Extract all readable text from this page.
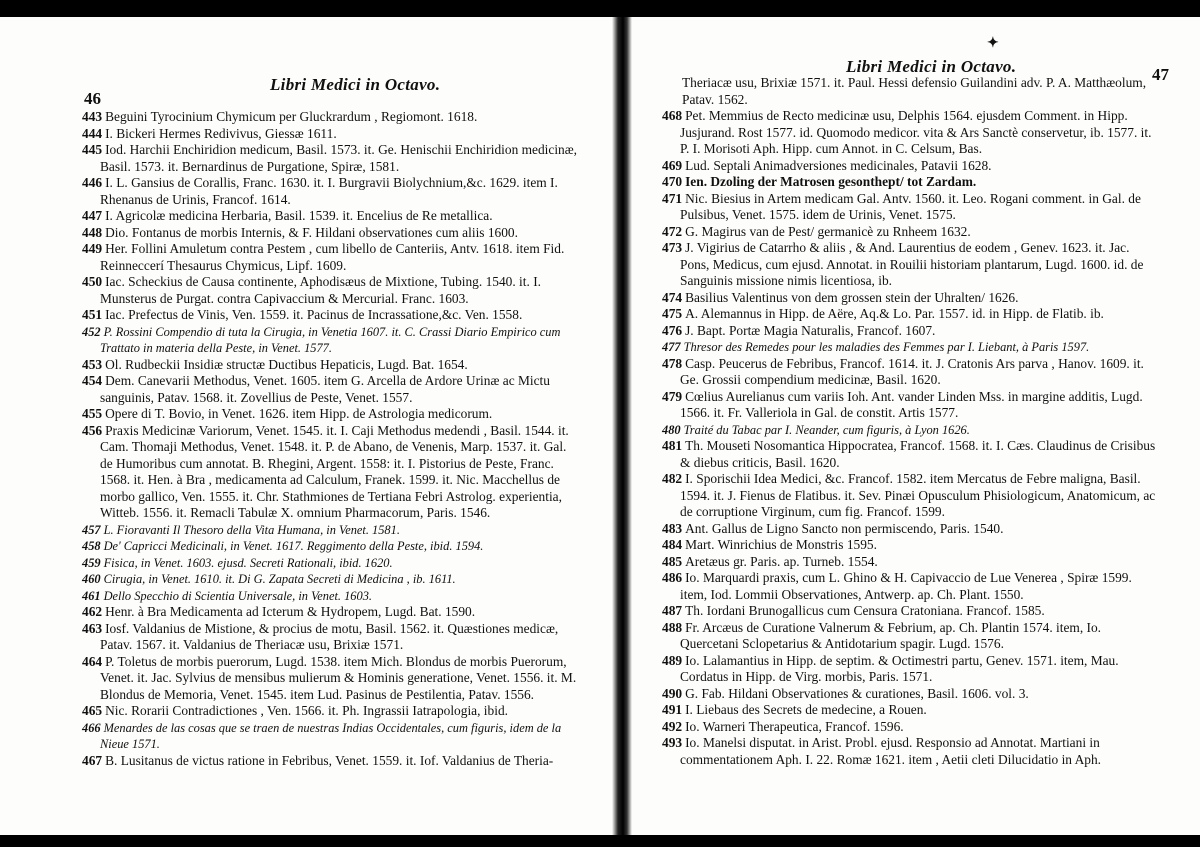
Libri Medici in Octavo.
46
443 Beguini Tyrocinium Chymicum per Gluckrardum , Regiomont. 1618.
444 I. Bickeri Hermes Redivivus, Giessæ 1611.
445 Iod. Harchii Enchiridion medicum, Basil. 1573. it. Ge. Henischii Enchiridion medicinæ, Basil. 1573. it. Bernardinus de Purgatione, Spiræ, 1581.
446 I. L. Gansius de Corallis, Franc. 1630. it. I. Burgravii Biolychnium,&c. 1629. item I. Rhenanus de Urinis, Francof. 1614.
447 I. Agricolæ medicina Herbaria, Basil. 1539. it. Encelius de Re metallica.
448 Dio. Fontanus de morbis Internis, & F. Hildani observationes cum aliis 1600.
449 Her. Follini Amuletum contra Pestem , cum libello de Canteriis, Antv. 1618. item Fid. Reinneccerí Thesaurus Chymicus, Lipf. 1609.
450 Iac. Scheckius de Causa continente, Aphodisæus de Mixtione, Tubing. 1540. it. I. Munsterus de Purgat. contra Capivaccium & Mercurial. Franc. 1603.
451 Iac. Prefectus de Vinis, Ven. 1559. it. Pacinus de Incrassatione,&c. Ven. 1558.
452 P. Rossini Compendio di tuta la Cirugia, in Venetia 1607. it. C. Crassi Diario Empirico cum Trattato in materia della Peste, in Venet. 1577.
453 Ol. Rudbeckii Insidiæ structæ Ductibus Hepaticis, Lugd. Bat. 1654.
454 Dem. Canevarii Methodus, Venet. 1605. item G. Arcella de Ardore Urinæ ac Mictu sanguinis, Patav. 1568. it. Zovellius de Peste, Venet. 1557.
455 Opere di T. Bovio, in Venet. 1626. item Hipp. de Astrologia medicorum.
456 Praxis Medicinæ Variorum, Venet. 1545. it. I. Caji Methodus medendi , Basil. 1544. it. Cam. Thomaji Methodus, Venet. 1548. it. P. de Abano, de Venenis, Marp. 1537. it. Gal. de Humoribus cum annotat. B. Rhegini, Argent. 1558: it. I. Pistorius de Peste, Franc. 1568. it. Hen. à Bra , medicamenta ad Calculum, Franek. 1599. it. Nic. Macchellus de morbo gallico, Ven. 1555. it. Chr. Stathmiones de Tertiana Febri Astrolog. experientia, Witteb. 1556. it. Remacli Tabulæ X. omnium Pharmacorum, Paris. 1546.
457 L. Fioravanti Il Thesoro della Vita Humana, in Venet. 1581.
458 De' Capricci Medicinali, in Venet. 1617. Reggimento della Peste, ibid. 1594.
459 Fisica, in Venet. 1603. ejusd. Secreti Rationali, ibid. 1620.
460 Cirugia, in Venet. 1610. it. Di G. Zapata Secreti di Medicina , ib. 1611.
461 Dello Specchio di Scientia Universale, in Venet. 1603.
462 Henr. à Bra Medicamenta ad Icterum & Hydropem, Lugd. Bat. 1590.
463 Iosf. Valdanius de Mistione, & procius de motu, Basil. 1562. it. Quæstiones medicæ, Patav. 1567. it. Valdanius de Theriacæ usu, Brixiæ 1571.
464 P. Toletus de morbis puerorum, Lugd. 1538. item Mich. Blondus de morbis Puerorum, Venet. it. Jac. Sylvius de mensibus mulierum & Hominis generatione, Venet. 1556. it. M. Blondus de Memoria, Venet. 1545. item Lud. Pasinus de Pestilentia, Patav. 1556.
465 Nic. Rorarii Contradictiones , Ven. 1566. it. Ph. Ingrassii Iatrapologia, ibid.
466 Menardes de las cosas que se traen de nuestras Indias Occidentales, cum figuris, idem de la Nieue 1571.
467 B. Lusitanus de victus ratione in Febribus, Venet. 1559. it. Iof. Valdanius de Theria-
✦
Libri Medici in Octavo.	47
Theriacæ usu, Brixiæ 1571. it. Paul. Hessi defensio Guilandini adv. P. A. Matthæolum, Patav. 1562.
468 Pet. Memmius de Recto medicinæ usu, Delphis 1564. ejusdem Comment. in Hipp. Jusjurand. Rost 1577. id. Quomodo medicor. vita & Ars Sanctè conservetur, ib. 1577. it. P. I. Morisoti Aph. Hipp. cum Annot. in C. Celsum, Bas.
469 Lud. Septali Animadversiones medicinales, Patavii 1628.
470 Ien. Dzoling der Matrosen gesonthept/ tot Zardam.
471 Nic. Biesius in Artem medicam Gal. Antv. 1560. it. Leo. Rogani comment. in Gal. de Pulsibus, Venet. 1575. idem de Urinis, Venet. 1575.
472 G. Magirus van de Pest/ germanicè zu Rnheem 1632.
473 J. Vigirius de Catarrho & aliis , & And. Laurentius de eodem , Genev. 1623. it. Jac. Pons, Medicus, cum ejusd. Annotat. in Rouilii historiam plantarum, Lugd. 1600. id. de Sanguinis missione nimis licentiosa, ib.
474 Basilius Valentinus von dem grossen stein der Uhralten/ 1626.
475 A. Alemannus in Hipp. de Aëre, Aq.& Lo. Par. 1557. id. in Hipp. de Flatib. ib.
476 J. Bapt. Portæ Magia Naturalis, Francof. 1607.
477 Thresor des Remedes pour les maladies des Femmes par I. Liebant, à Paris 1597.
478 Casp. Peucerus de Febribus, Francof. 1614. it. J. Cratonis Ars parva , Hanov. 1609. it. Ge. Grossii compendium medicinæ, Basil. 1620.
479 Cœlius Aurelianus cum variis Ioh. Ant. vander Linden Mss. in margine additis, Lugd. 1566. it. Fr. Valleriola in Gal. de constit. Artis 1577.
480 Traité du Tabac par I. Neander, cum figuris, à Lyon 1626.
481 Th. Mouseti Nosomantica Hippocratea, Francof. 1568. it. I. Cæs. Claudinus de Crisibus & diebus criticis, Basil. 1620.
482 I. Sporischii Idea Medici, &c. Francof. 1582. item Mercatus de Febre maligna, Basil. 1594. it. J. Fienus de Flatibus. it. Sev. Pinæi Opusculum Phisiologicum, Anatomicum, ac de corruptione Virginum, cum fig. Francof. 1599.
483 Ant. Gallus de Ligno Sancto non permiscendo, Paris. 1540.
484 Mart. Winrichius de Monstris 1595.
485 Aretæus gr. Paris. ap. Turneb. 1554.
486 Io. Marquardi praxis, cum L. Ghino & H. Capivaccio de Lue Venerea , Spiræ 1599. item, Iod. Lommii Observationes, Antwerp. ap. Ch. Plant. 1550.
487 Th. Iordani Brunogallicus cum Censura Cratoniana. Francof. 1585.
488 Fr. Arcæus de Curatione Valnerum & Febrium, ap. Ch. Plantin 1574. item, Io. Quercetani Sclopetarius & Antidotarium spagir. Lugd. 1576.
489 Io. Lalamantius in Hipp. de septim. & Octimestri partu, Genev. 1571. item, Mau. Cordatus in Hipp. de Virg. morbis, Paris. 1571.
490 G. Fab. Hildani Observationes & curationes, Basil. 1606. vol. 3.
491 I. Liebaus des Secrets de medecine, a Rouen.
492 Io. Warneri Therapeutica, Francof. 1596.
493 Io. Manelsi disputat. in Arist. Probl. ejusd. Responsio ad Annotat. Martiani in commentationem Aph. I. 22. Romæ 1621. item , Aetii cleti Dilucidatio in Aph.
